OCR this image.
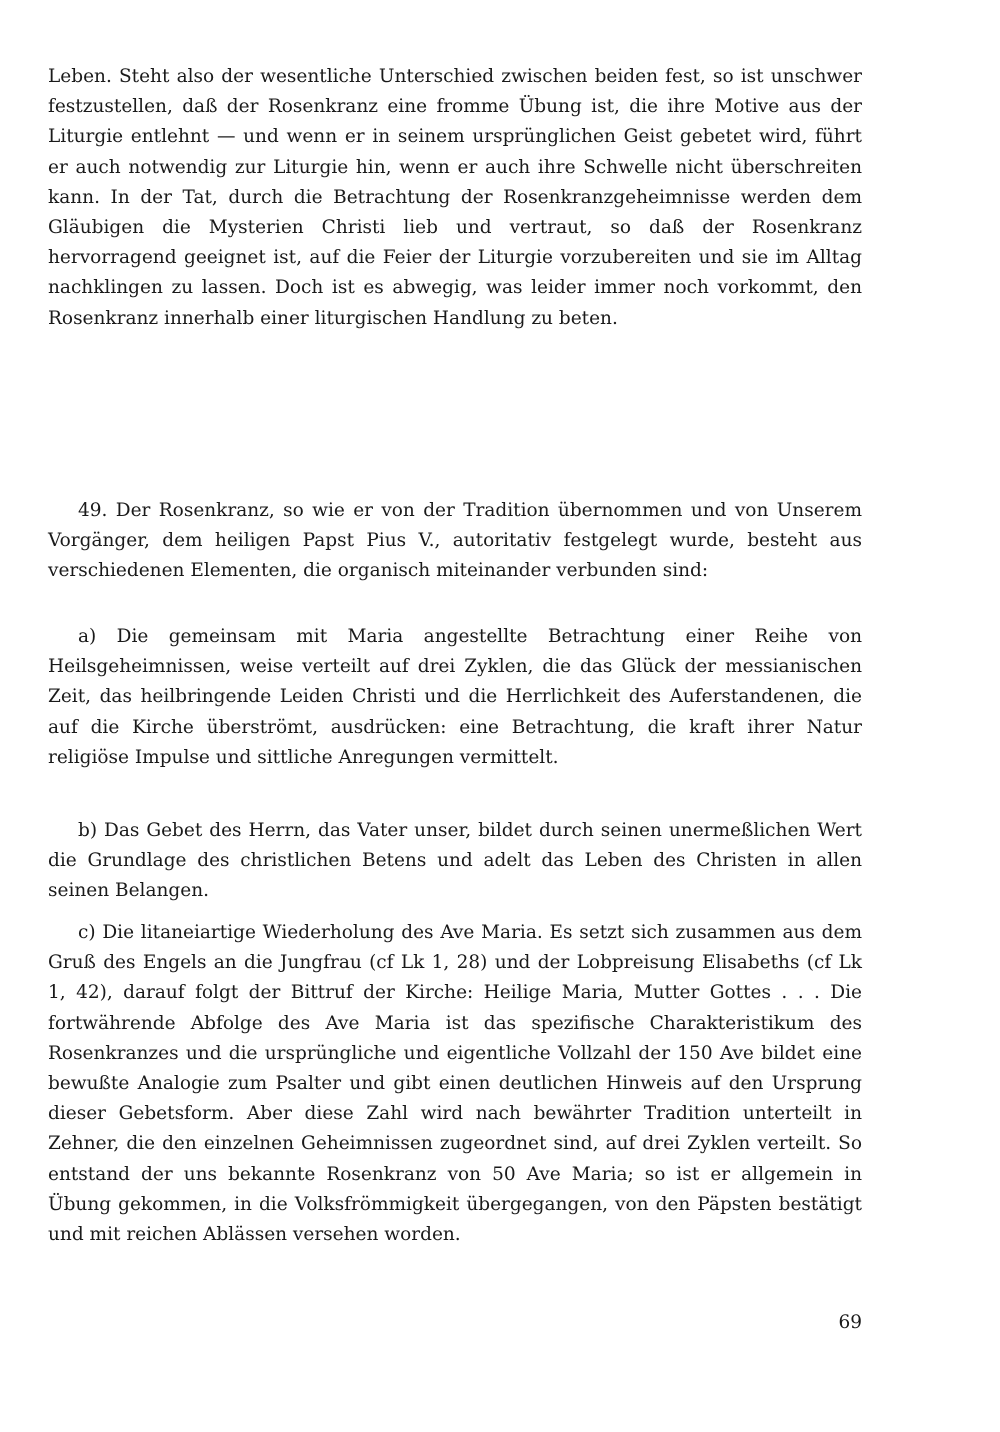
Leben. Steht also der wesentliche Unterschied zwischen beiden fest, so ist unschwer festzustellen, daß der Rosenkranz eine fromme Übung ist, die ihre Motive aus der Liturgie entlehnt — und wenn er in seinem ursprünglichen Geist gebetet wird, führt er auch notwendig zur Liturgie hin, wenn er auch ihre Schwelle nicht überschreiten kann. In der Tat, durch die Betrachtung der Rosenkranzgeheimnisse werden dem Gläubigen die Mysterien Christi lieb und vertraut, so daß der Rosenkranz hervorragend geeignet ist, auf die Feier der Liturgie vorzubereiten und sie im Alltag nachklingen zu lassen. Doch ist es abwegig, was leider immer noch vorkommt, den Rosenkranz innerhalb einer liturgischen Handlung zu beten.

49. Der Rosenkranz, so wie er von der Tradition übernommen und von Unserem Vorgänger, dem heiligen Papst Pius V., autoritativ festgelegt wurde, besteht aus verschiedenen Elementen, die organisch miteinander verbunden sind:

a) Die gemeinsam mit Maria angestellte Betrachtung einer Reihe von Heilsgeheimnissen, weise verteilt auf drei Zyklen, die das Glück der messianischen Zeit, das heilbringende Leiden Christi und die Herrlichkeit des Auferstandenen, die auf die Kirche überströmt, ausdrücken: eine Betrachtung, die kraft ihrer Natur religiöse Impulse und sittliche Anregungen vermittelt.

b) Das Gebet des Herrn, das Vater unser, bildet durch seinen unermeßlichen Wert die Grundlage des christlichen Betens und adelt das Leben des Christen in allen seinen Belangen.

c) Die litaneiartige Wiederholung des Ave Maria. Es setzt sich zusammen aus dem Gruß des Engels an die Jungfrau (cf Lk 1, 28) und der Lobpreisung Elisabeths (cf Lk 1, 42), darauf folgt der Bittruf der Kirche: Heilige Maria, Mutter Gottes . . . Die fortwährende Abfolge des Ave Maria ist das spezifische Charakteristikum des Rosenkranzes und die ursprüngliche und eigentliche Vollzahl der 150 Ave bildet eine bewußte Analogie zum Psalter und gibt einen deutlichen Hinweis auf den Ursprung dieser Gebetsform. Aber diese Zahl wird nach bewährter Tradition unterteilt in Zehner, die den einzelnen Geheimnissen zugeordnet sind, auf drei Zyklen verteilt. So entstand der uns bekannte Rosenkranz von 50 Ave Maria; so ist er allgemein in Übung gekommen, in die Volksfrömmigkeit übergegangen, von den Päpsten bestätigt und mit reichen Ablässen versehen worden.

69
